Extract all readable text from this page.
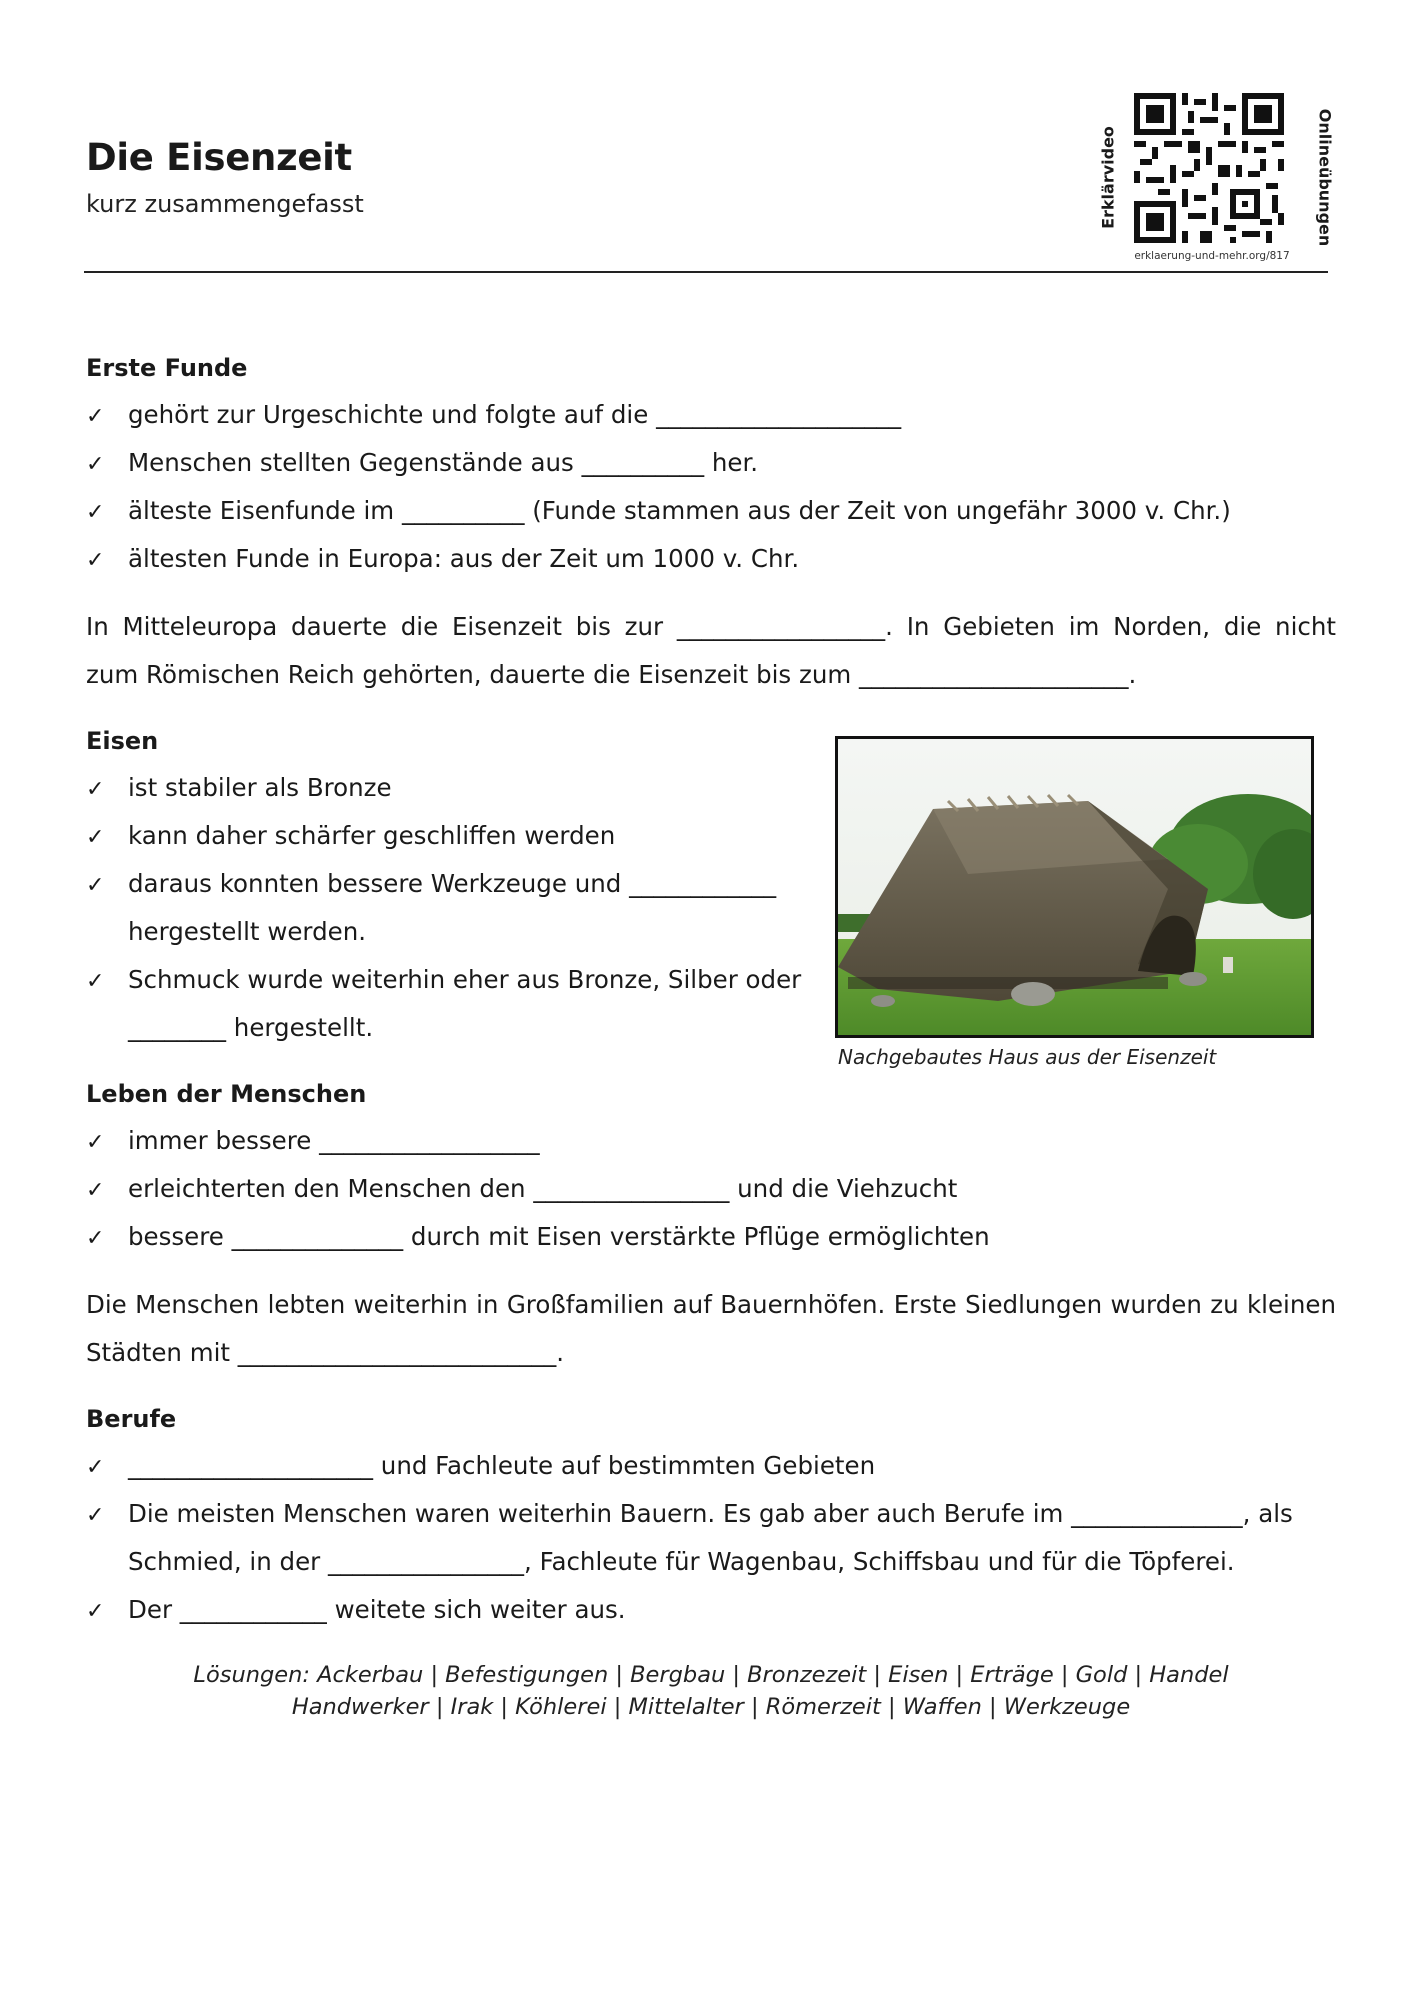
Die Eisenzeit
kurz zusammengefasst	Erklärvideo	Onlineübungen
erklaerung-und-mehr.org/817
Erste Funde
✓ gehört zur Urgeschichte und folgte auf die ____________________
✓ Menschen stellten Gegenstände aus __________ her.
✓ älteste Eisenfunde im __________ (Funde stammen aus der Zeit von ungefähr 3000 v. Chr.)
✓ ältesten Funde in Europa: aus der Zeit um 1000 v. Chr.
In Mitteleuropa dauerte die Eisenzeit bis zur _________________. In Gebieten im Norden, die nicht
zum Römischen Reich gehörten, dauerte die Eisenzeit bis zum ______________________.
Eisen
✓ ist stabiler als Bronze
✓ kann daher schärfer geschliffen werden
✓ daraus konnten bessere Werkzeuge und ____________
hergestellt werden.
✓ Schmuck wurde weiterhin eher aus Bronze, Silber oder
________ hergestellt.
Nachgebautes Haus aus der Eisenzeit
Leben der Menschen
✓ immer bessere __________________
✓ erleichterten den Menschen den ________________ und die Viehzucht
✓ bessere ______________ durch mit Eisen verstärkte Pflüge ermöglichten
Die Menschen lebten weiterhin in Großfamilien auf Bauernhöfen. Erste Siedlungen wurden zu kleinen
Städten mit __________________________.
Berufe
✓ ____________________ und Fachleute auf bestimmten Gebieten
✓ Die meisten Menschen waren weiterhin Bauern. Es gab aber auch Berufe im ______________, als
Schmied, in der ________________, Fachleute für Wagenbau, Schiffsbau und für die Töpferei.
✓ Der ____________ weitete sich weiter aus.
Lösungen: Ackerbau | Befestigungen | Bergbau | Bronzezeit | Eisen | Erträge | Gold | Handel
Handwerker | Irak | Köhlerei | Mittelalter | Römerzeit | Waffen | Werkzeuge
